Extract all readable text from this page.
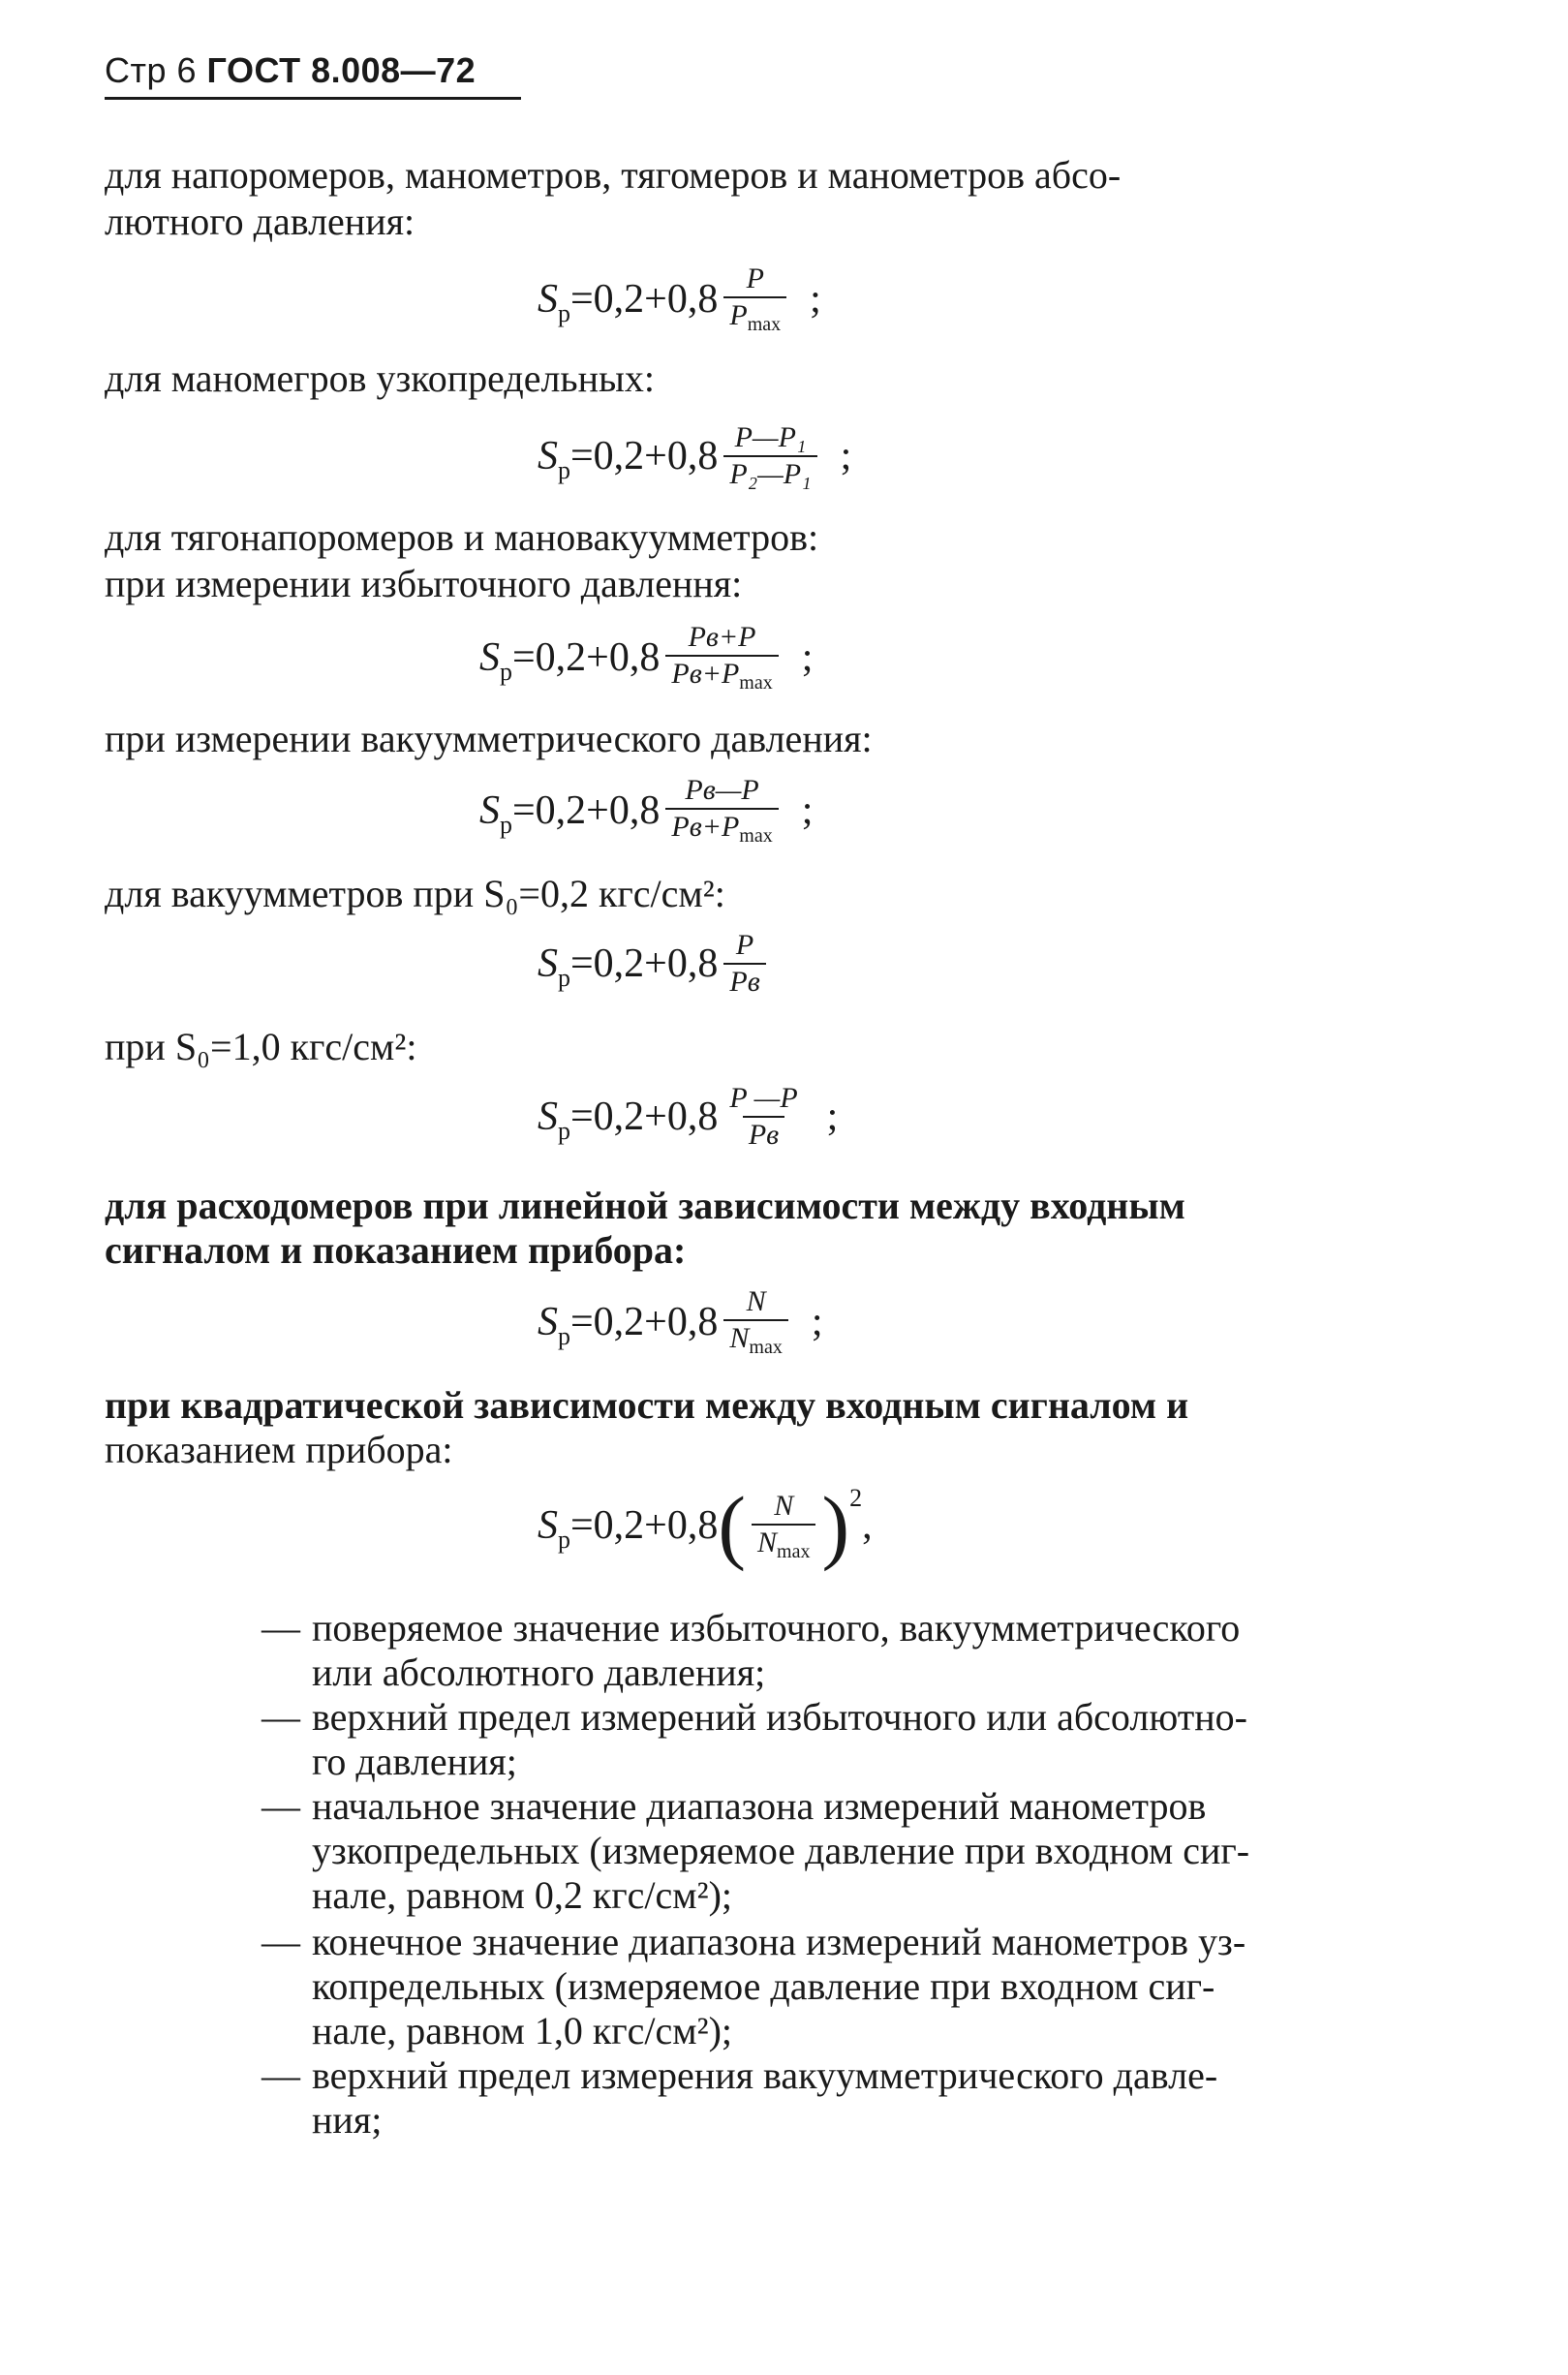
Стр 6 ГОСТ 8.008—72
для напоромеров, манометров, тягомеров и манометров абсо-
лютного давления:
$S_р =0,2+0,8 \frac{P}{P_{max}}$ ;
для маномегров узкопредельных:
$S_р =0,2+0,8 \frac{\text{P—P₁}}{\text{P₂—P₁}}$ ;
для тягонапоромеров и мановакуумметров:
при измерении избыточного давлення:
$S_р =0,2+0,8 \frac{Pв+P}{Pв+P_{max}}$ ;
при измерении вакуумметрического давления:
$S_р =0,2+0,8 \frac{Pв—P}{Pв+P_{max}}$ ;
для вакуумметров при S₀=0,2 кгс/см²:
$S_р =0,2+0,8 \frac{P}{Pв}$
при S₀=1,0 кгс/см²:
$S_р =0,2+0,8 \frac{P —P}{Pв}$ ;
для расходомеров при линейной зависимости между входным
сигналом и показанием прибора:
$S_р =0,2+0,8 \frac{N}{N_{max}}$ ;
при квадратической зависимости между входным сигналом и
показанием прибора:
$S_р =0,2+0,8$ ( $\frac{N}{N_{max}}$ ) 2
,
— поверяемое значение избыточного, вакуумметрического
или абсолютного давления;
— верхний предел измерений избыточного или абсолютно-
го давления;
— начальное значение диапазона измерений манометров
узкопредельных (измеряемое давление при входном сиг-
нале, равном 0,2 кгс/см²);
— конечное значение диапазона измерений манометров уз-
копредельных (измеряемое давление при входном сиг-
нале, равном 1,0 кгс/см²);
— верхний предел измерения вакуумметрического давле-
ния;
